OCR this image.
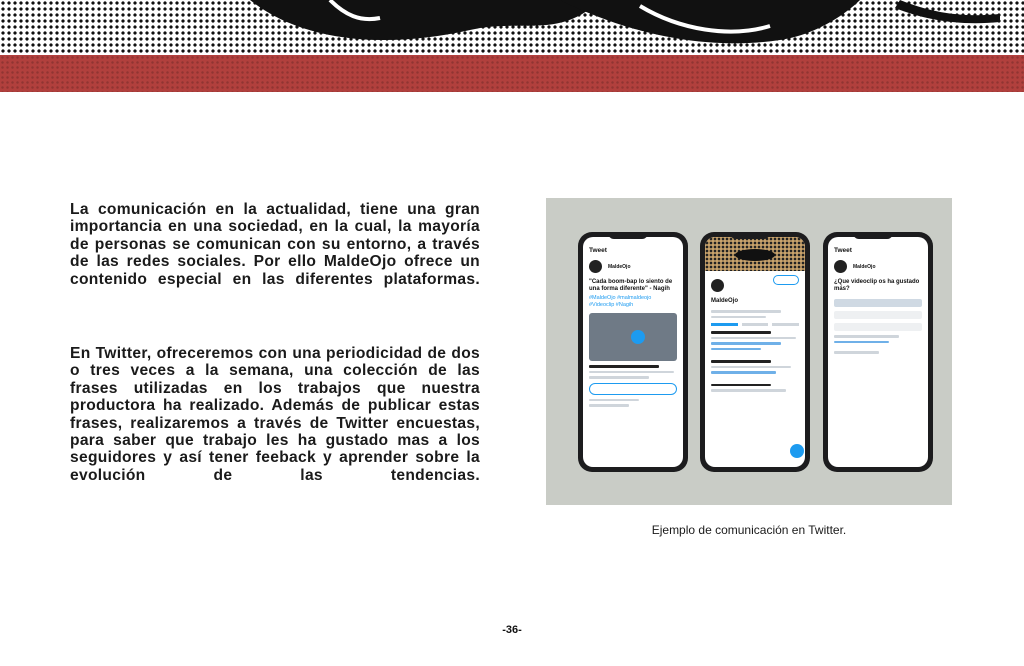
La comunicación en la actualidad, tiene una gran importancia en una sociedad, en la cual, la mayoría de personas se comunican con su entorno, a través de las redes sociales. Por ello MaldeOjo ofrece un contenido especial en las diferentes plataformas.

En Twitter, ofreceremos con una periodicidad de dos o tres veces a la semana, una colección de las frases utilizadas en los trabajos que nuestra productora ha realizado. Además de publicar estas frases, realizaremos a través de Twitter encuestas, para saber que trabajo les ha gustado mas a los seguidores y así tener feeback y aprender sobre la evolución de las tendencias.

Tweet
MaldeOjo
"Cada boom-bap lo siento de una forma diferente" - Nagih
#MaldeOjo #malmaldeojo #Videoclip #Nagih
MaldeOjo
Tweet
MaldeOjo
¿Que videoclip os ha gustado más?

Ejemplo de comunicación en Twitter.

-36-
